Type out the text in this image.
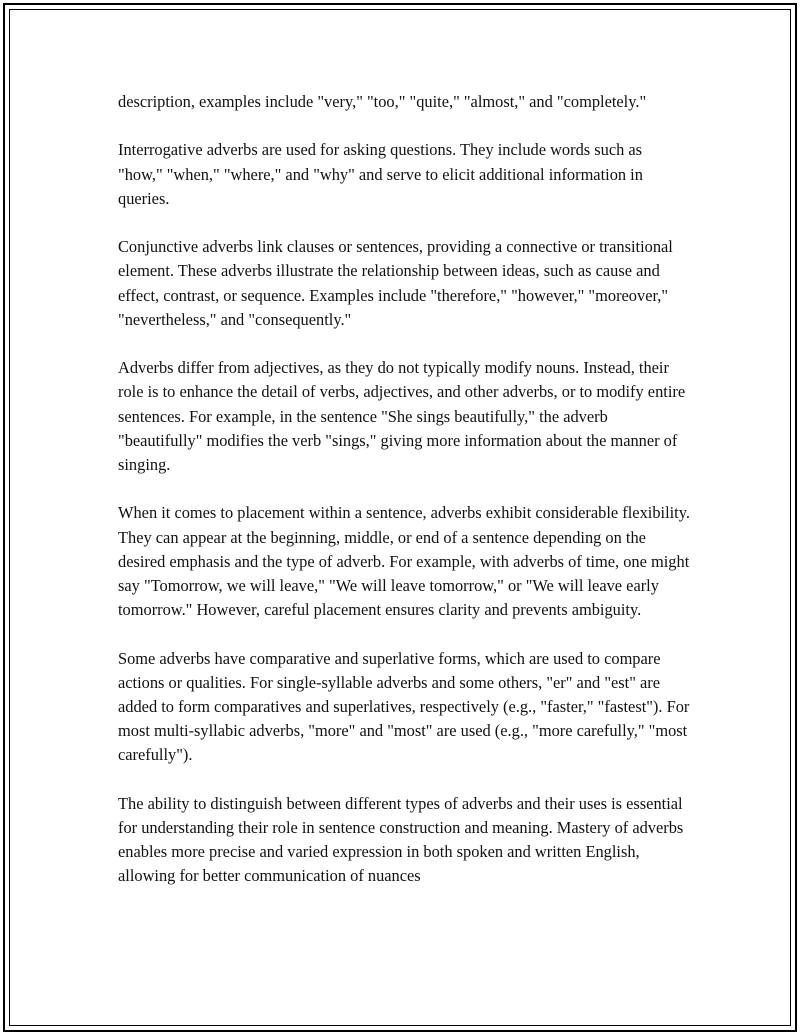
description, examples include "very," "too," "quite," "almost," and "completely."

Interrogative adverbs are used for asking questions. They include words such as "how," "when," "where," and "why" and serve to elicit additional information in queries.

Conjunctive adverbs link clauses or sentences, providing a connective or transitional element. These adverbs illustrate the relationship between ideas, such as cause and effect, contrast, or sequence. Examples include "therefore," "however," "moreover," "nevertheless," and "consequently."

Adverbs differ from adjectives, as they do not typically modify nouns. Instead, their role is to enhance the detail of verbs, adjectives, and other adverbs, or to modify entire sentences. For example, in the sentence "She sings beautifully," the adverb "beautifully" modifies the verb "sings," giving more information about the manner of singing.

When it comes to placement within a sentence, adverbs exhibit considerable flexibility. They can appear at the beginning, middle, or end of a sentence depending on the desired emphasis and the type of adverb. For example, with adverbs of time, one might say "Tomorrow, we will leave," "We will leave tomorrow," or "We will leave early tomorrow." However, careful placement ensures clarity and prevents ambiguity.

Some adverbs have comparative and superlative forms, which are used to compare actions or qualities. For single-syllable adverbs and some others, "er" and "est" are added to form comparatives and superlatives, respectively (e.g., "faster," "fastest"). For most multi-syllabic adverbs, "more" and "most" are used (e.g., "more carefully," "most carefully").

The ability to distinguish between different types of adverbs and their uses is essential for understanding their role in sentence construction and meaning. Mastery of adverbs enables more precise and varied expression in both spoken and written English, allowing for better communication of nuances
